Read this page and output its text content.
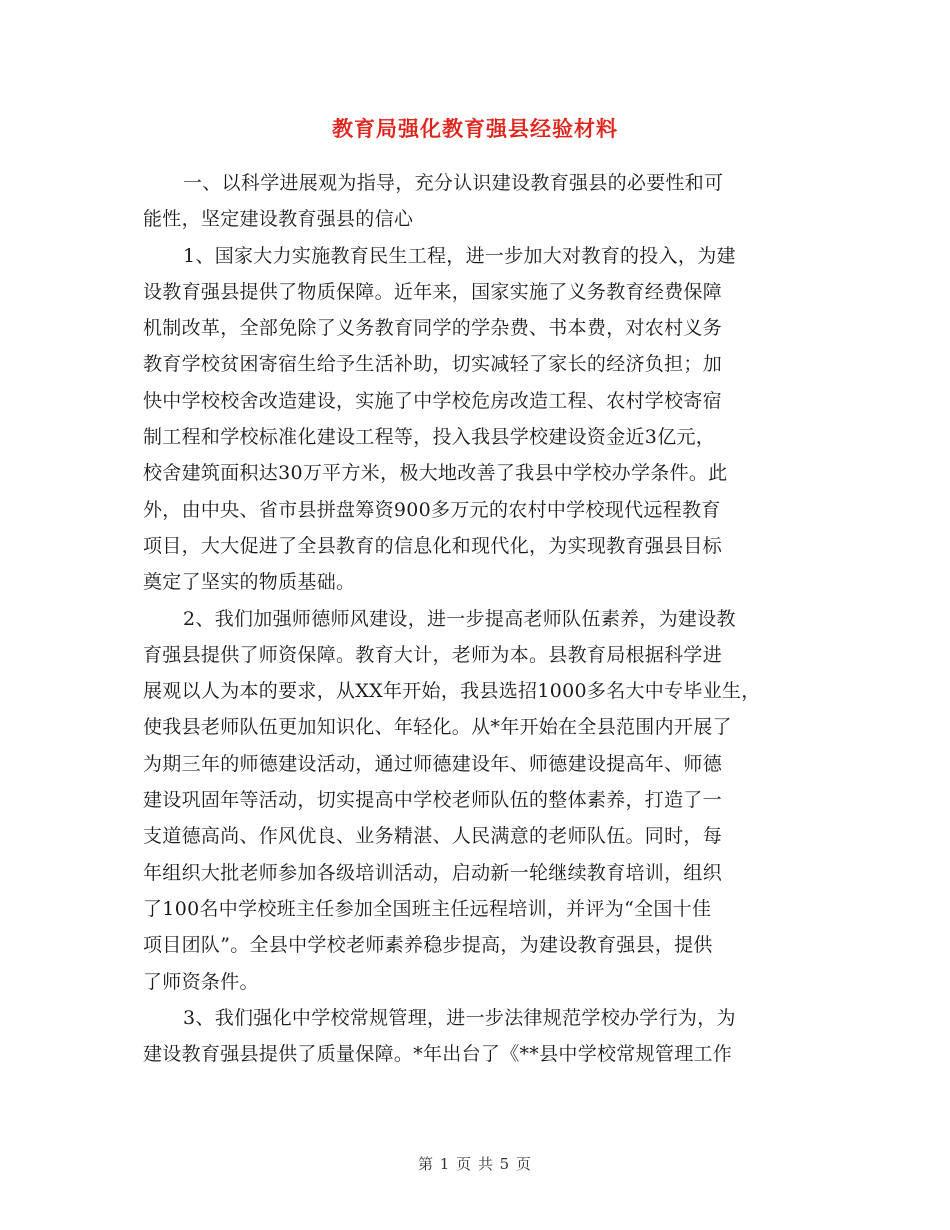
教育局强化教育强县经验材料
一、以科学进展观为指导，充分认识建设教育强县的必要性和可
能性，坚定建设教育强县的信心
1、国家大力实施教育民生工程，进一步加大对教育的投入，为建
设教育强县提供了物质保障。近年来，国家实施了义务教育经费保障
机制改革，全部免除了义务教育同学的学杂费、书本费，对农村义务
教育学校贫困寄宿生给予生活补助，切实减轻了家长的经济负担；加
快中学校校舍改造建设，实施了中学校危房改造工程、农村学校寄宿
制工程和学校标准化建设工程等，投入我县学校建设资金近3亿元，
校舍建筑面积达30万平方米，极大地改善了我县中学校办学条件。此
外，由中央、省市县拼盘筹资900多万元的农村中学校现代远程教育
项目，大大促进了全县教育的信息化和现代化，为实现教育强县目标
奠定了坚实的物质基础。
2、我们加强师德师风建设，进一步提高老师队伍素养，为建设教
育强县提供了师资保障。教育大计，老师为本。县教育局根据科学进
展观以人为本的要求，从XX年开始，我县选招1000多名大中专毕业生，
使我县老师队伍更加知识化、年轻化。从*年开始在全县范围内开展了
为期三年的师德建设活动，通过师德建设年、师德建设提高年、师德
建设巩固年等活动，切实提高中学校老师队伍的整体素养，打造了一
支道德高尚、作风优良、业务精湛、人民满意的老师队伍。同时，每
年组织大批老师参加各级培训活动，启动新一轮继续教育培训，组织
了100名中学校班主任参加全国班主任远程培训，并评为“全国十佳
项目团队”。全县中学校老师素养稳步提高，为建设教育强县，提供
了师资条件。
3、我们强化中学校常规管理，进一步法律规范学校办学行为，为
建设教育强县提供了质量保障。*年出台了《**县中学校常规管理工作
第 1 页 共 5 页
